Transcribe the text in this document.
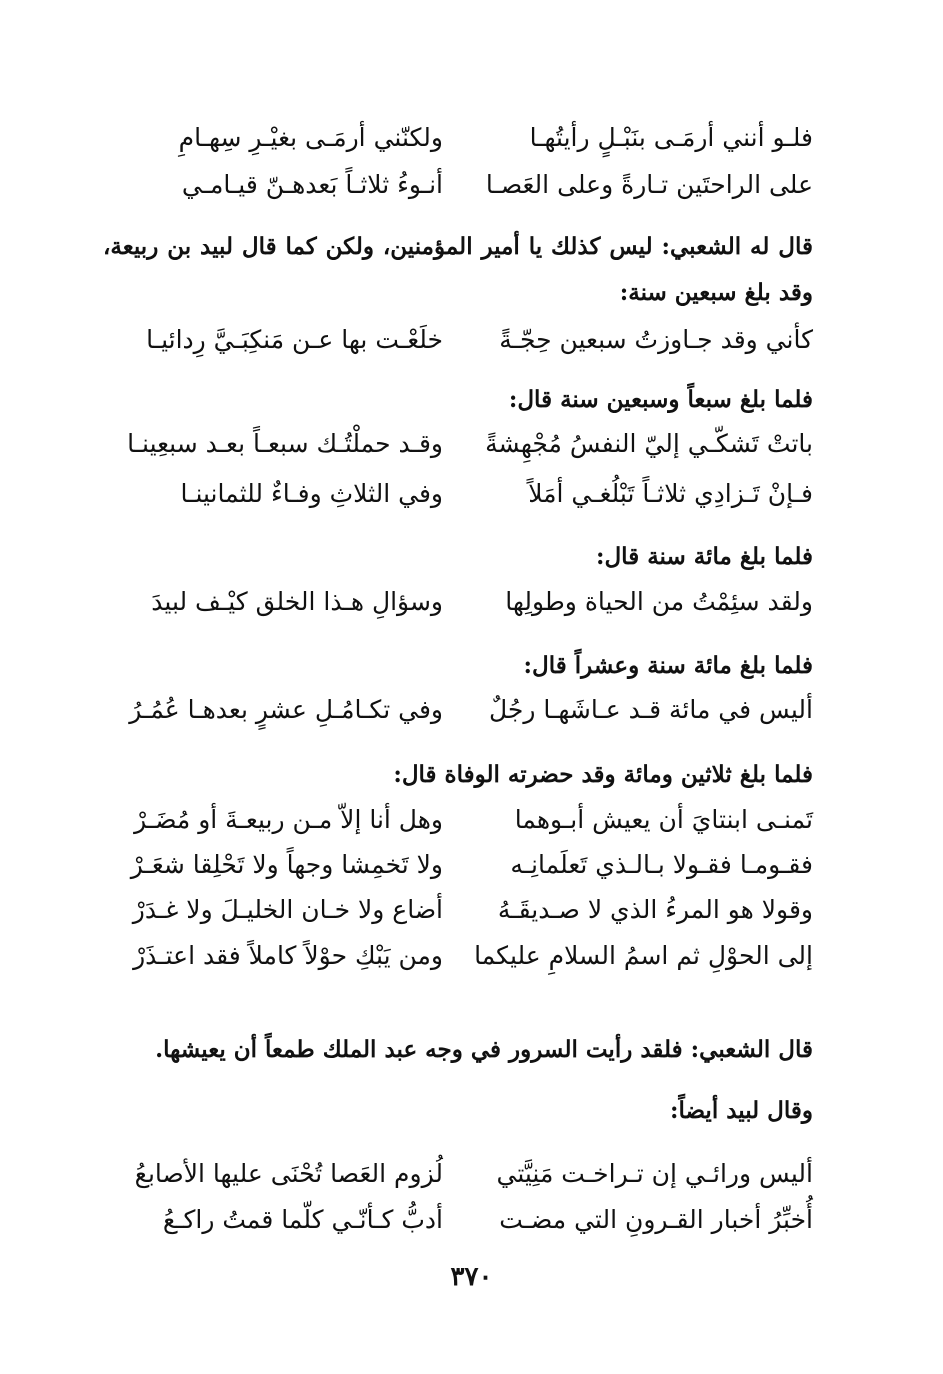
فلـو أنني أرمَـى بنَبْـلٍ رأيتُهـا
ولكنّني أرمَـى بغيْـرِ سِهـامِ
على الراحتَين تـارةً وعلى العَصـا
أنـوءُ ثلاثـاً بَعدهـنّ قيـامـي
قال له الشعبي: ليس كذلك يا أمير المؤمنين، ولكن كما قال لبيد بن ربيعة، وقد بلغ سبعين سنة:
كأني وقد جـاوزتُ سبعين حِجّـةً
خلَعْـت بها عـن مَنكِبَـيَّ رِدائيـا
فلما بلغ سبعاً وسبعين سنة قال:
باتتْ تَشكّـي إليّ النفسُ مُجْهِشةً
وقـد حملْتُـك سبعـاً بعـد سبعِينـا
فـإنْ تَـزادِي ثلاثـاً تَبْلُغـي أمَلاً
وفي الثلاثِ وفـاءٌ للثمانينـا
فلما بلغ مائة سنة قال:
ولقد سئِمْتُ من الحياة وطولِها
وسؤالِ هـذا الخلق كيْـف لبيدَ
فلما بلغ مائة سنة وعشراً قال:
أليس في مائة قـد عـاشَهـا رجُلٌ
وفي تكـامُـلِ عشرٍ بعدهـا عُمُـرُ
فلما بلغ ثلاثين ومائة وقد حضرته الوفاة قال:
تَمنـى ابنتايَ أن يعيش أبـوهما
وهل أنا إلاّ مـن ربيعـةَ أو مُضَـرْ
فقـومـا فقـولا بـالـذي تَعلَمانِـه
ولا تَخمِشا وجهاً ولا تَحْلِقا شعَـرْ
وقولا هو المرءُ الذي لا صـديقَـهُ
أضاع ولا خـان الخليـلَ ولا غـدَرْ
إلى الحوْلِ ثم اسمُ السلامِ عليكما
ومن يَبْكِ حوْلاً كاملاً فقد اعتـذَرْ
قال الشعبي: فلقد رأيت السرور في وجه عبد الملك طمعاً أن يعيشها.
وقال لبيد أيضاً:
أليس ورائـي إن تـراخـت مَنِيَّتي
لُزوم العَصا تُحْنَى عليها الأصابعُ
أُخبِّرُ أخبار القـرونِ التي مضـت
أدبُّ كـأنّـي كلّما قمتُ راكـعُ
٣٧٠
